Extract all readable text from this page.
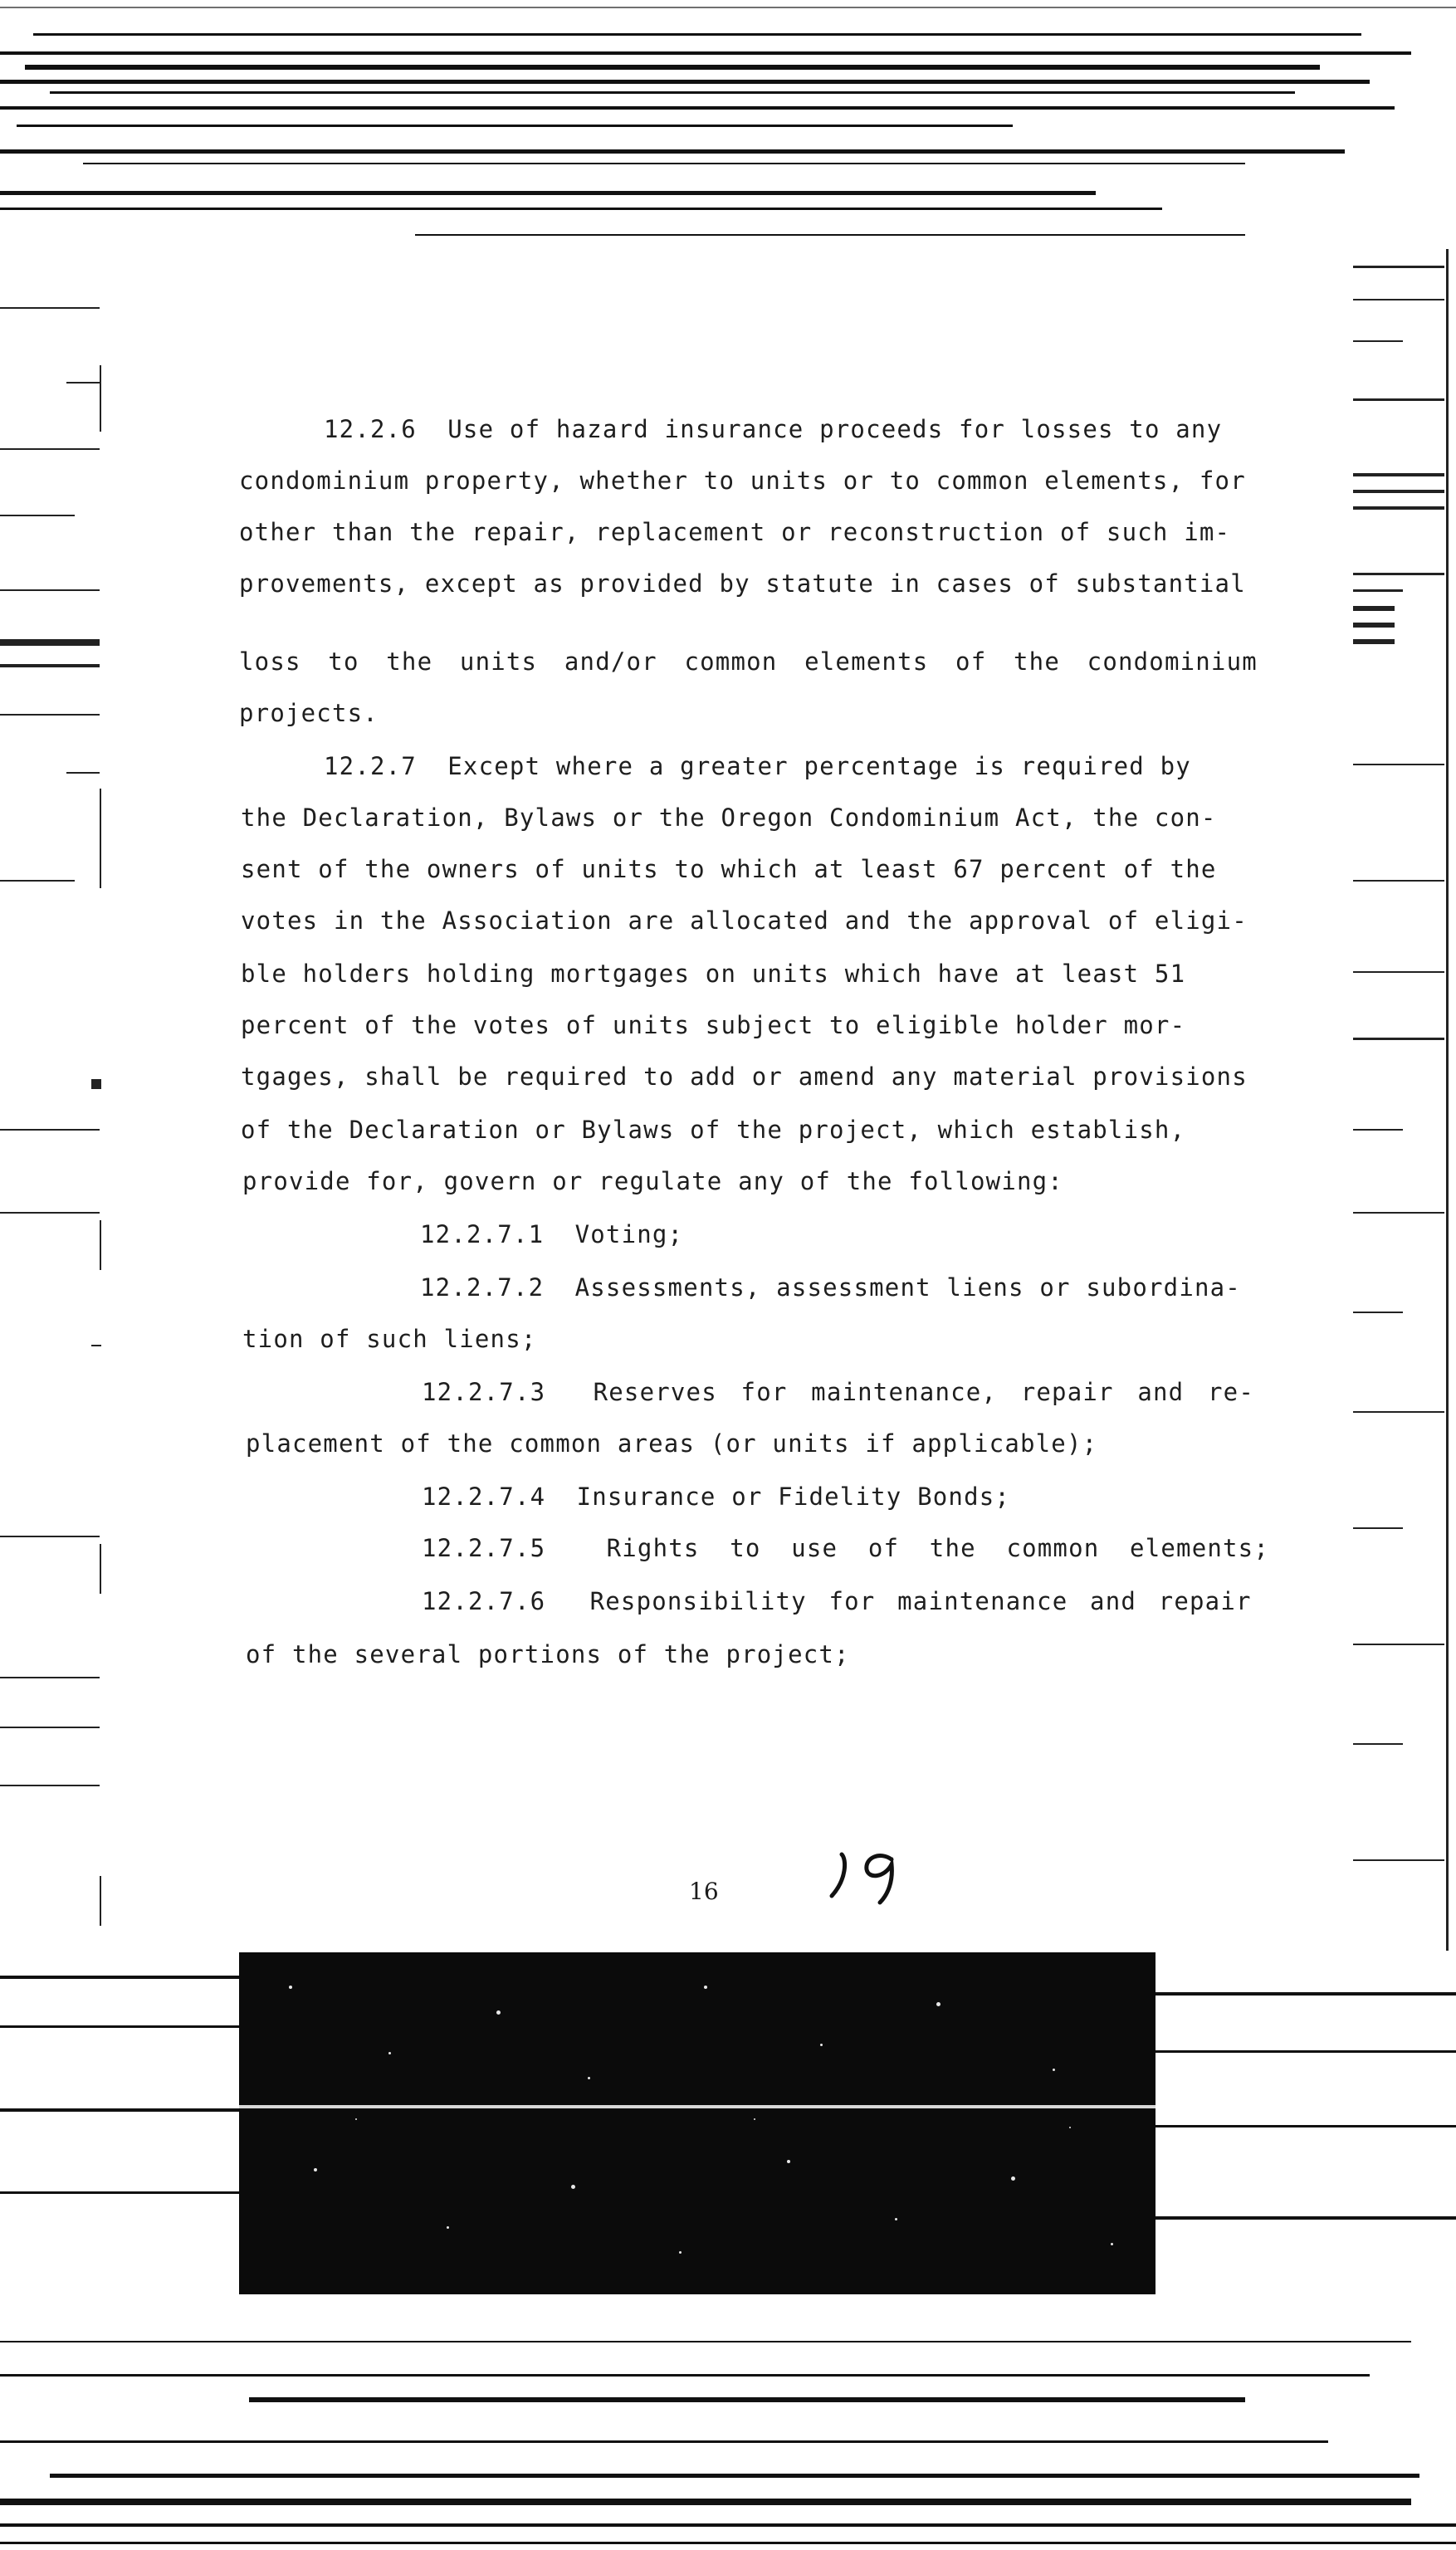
12.2.6  Use of hazard insurance proceeds for losses to any
condominium property, whether to units or to common elements, for
other than the repair, replacement or reconstruction of such im-
provements, except as provided by statute in cases of substantial
loss to the units and/or common elements of the condominium
projects.
12.2.7  Except where a greater percentage is required by
the Declaration, Bylaws or the Oregon Condominium Act, the con-
sent of the owners of units to which at least 67 percent of the
votes in the Association are allocated and the approval of eligi-
ble holders holding mortgages on units which have at least 51
percent of the votes of units subject to eligible holder mor-
tgages, shall be required to add or amend any material provisions
of the Declaration or Bylaws of the project, which establish,
provide for, govern or regulate any of the following:
12.2.7.1  Voting;
12.2.7.2  Assessments, assessment liens or subordina-
tion of such liens;
12.2.7.3  Reserves for maintenance, repair and re-
placement of the common areas (or units if applicable);
12.2.7.4  Insurance or Fidelity Bonds;
12.2.7.5  Rights to use of the common elements;
12.2.7.6  Responsibility for maintenance and repair
of the several portions of the project;
16
